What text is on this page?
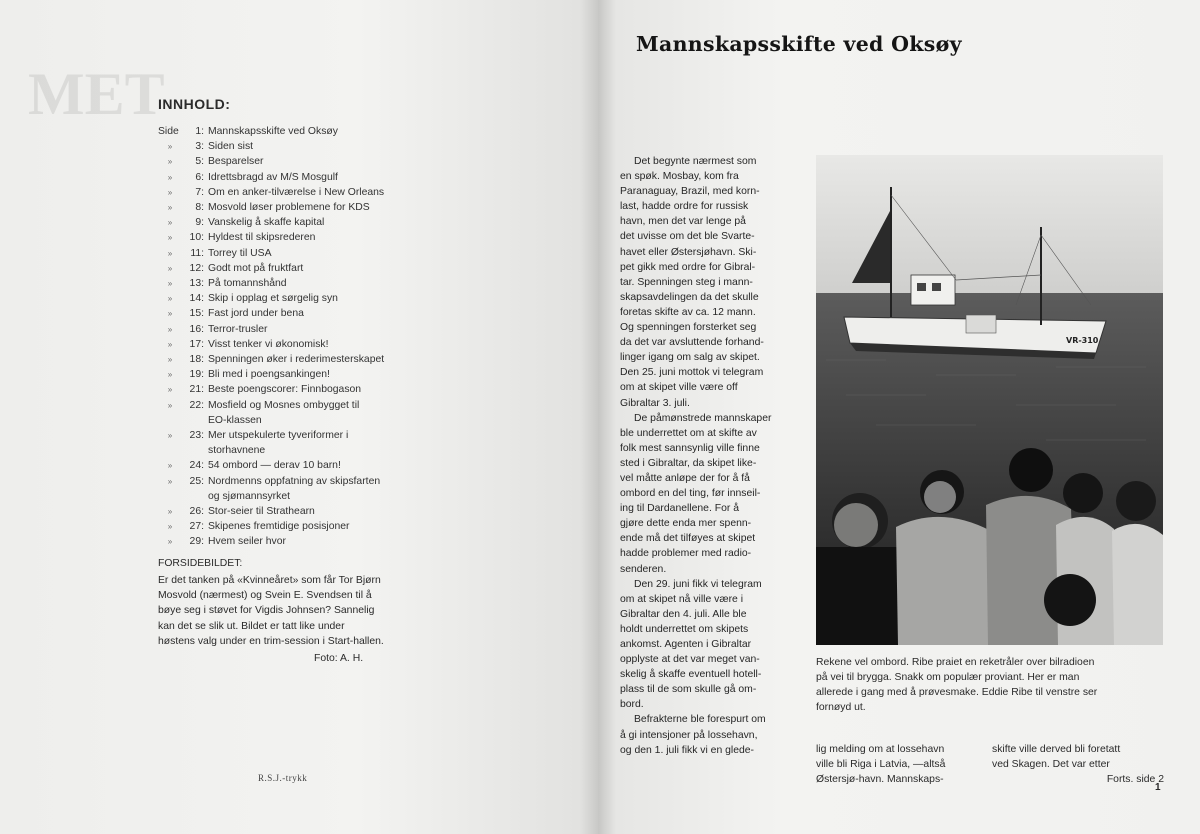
MET
INNHOLD:
Side	1: Mannskapsskifte ved Oksøy
»	3: Siden sist
»	5: Besparelser
»	6: Idrettsbragd av M/S Mosgulf
»	7: Om en anker-tilværelse i New Orleans
»	8: Mosvold løser problemene for KDS
»	9: Vanskelig å skaffe kapital
»	10: Hyldest til skipsrederen
»	11: Torrey til USA
»	12: Godt mot på fruktfart
»	13: På tomannshånd
»	14: Skip i opplag et sørgelig syn
»	15: Fast jord under bena
»	16: Terror-trusler
»	17: Visst tenker vi økonomisk!
»	18: Spenningen øker i rederimesterskapet
»	19: Bli med i poengsankingen!
»	21: Beste poengscorer: Finnbogason
»	22: Mosfield og Mosnes ombygget til
EO-klassen
»	23: Mer utspekulerte tyveriformer i
storhavnene
»	24: 54 ombord — derav 10 barn!
»	25: Nordmenns oppfatning av skipsfarten
og sjømannsyrket
»	26: Stor-seier til Strathearn
»	27: Skipenes fremtidige posisjoner
»	29: Hvem seiler hvor
FORSIDEBILDET:
Er det tanken på «Kvinneåret» som får Tor Bjørn
Mosvold (nærmest) og Svein E. Svendsen til å
bøye seg i støvet for Vigdis Johnsen? Sannelig
kan det se slik ut. Bildet er tatt like under
høstens valg under en trim-session i Start-hallen.
Foto: A. H.
R.S.J.-trykk
Mannskapsskifte ved Oksøy
Det begynte nærmest som
en spøk. Mosbay, kom fra
Paranaguay, Brazil, med korn-
last, hadde ordre for russisk
havn, men det var lenge på
det uvisse om det ble Svarte-
havet eller Østersjøhavn. Ski-
pet gikk med ordre for Gibral-
tar. Spenningen steg i mann-
skapsavdelingen da det skulle
foretas skifte av ca. 12 mann.
Og spenningen forsterket seg
da det var avsluttende forhand-
linger igang om salg av skipet.
Den 25. juni mottok vi telegram
om at skipet ville være off
Gibraltar 3. juli.
De påmønstrede mannskaper
ble underrettet om at skifte av
folk mest sannsynlig ville finne
sted i Gibraltar, da skipet like-
vel måtte anløpe der for å få
ombord en del ting, før innseil-
ing til Dardanellene. For å
gjøre dette enda mer spenn-
ende må det tilføyes at skipet
hadde problemer med radio-
senderen.
Den 29. juni fikk vi telegram
om at skipet nå ville være i
Gibraltar den 4. juli. Alle ble
holdt underrettet om skipets
ankomst. Agenten i Gibraltar
opplyste at det var meget van-
skelig å skaffe eventuell hotell-
plass til de som skulle gå om-
bord.
Befrakterne ble forespurt om
å gi intensjoner på lossehavn,
og den 1. juli fikk vi en glede-
VR-310
Rekene vel ombord. Ribe praiet en reketråler over bilradioen
på vei til brygga. Snakk om populær proviant. Her er man
allerede i gang med å prøvesmake. Eddie Ribe til venstre ser
fornøyd ut.
lig melding om at lossehavn
ville bli Riga i Latvia, —altså
Østersjø-havn. Mannskaps-
skifte ville derved bli foretatt
ved Skagen. Det var etter
Forts. side 2
1
